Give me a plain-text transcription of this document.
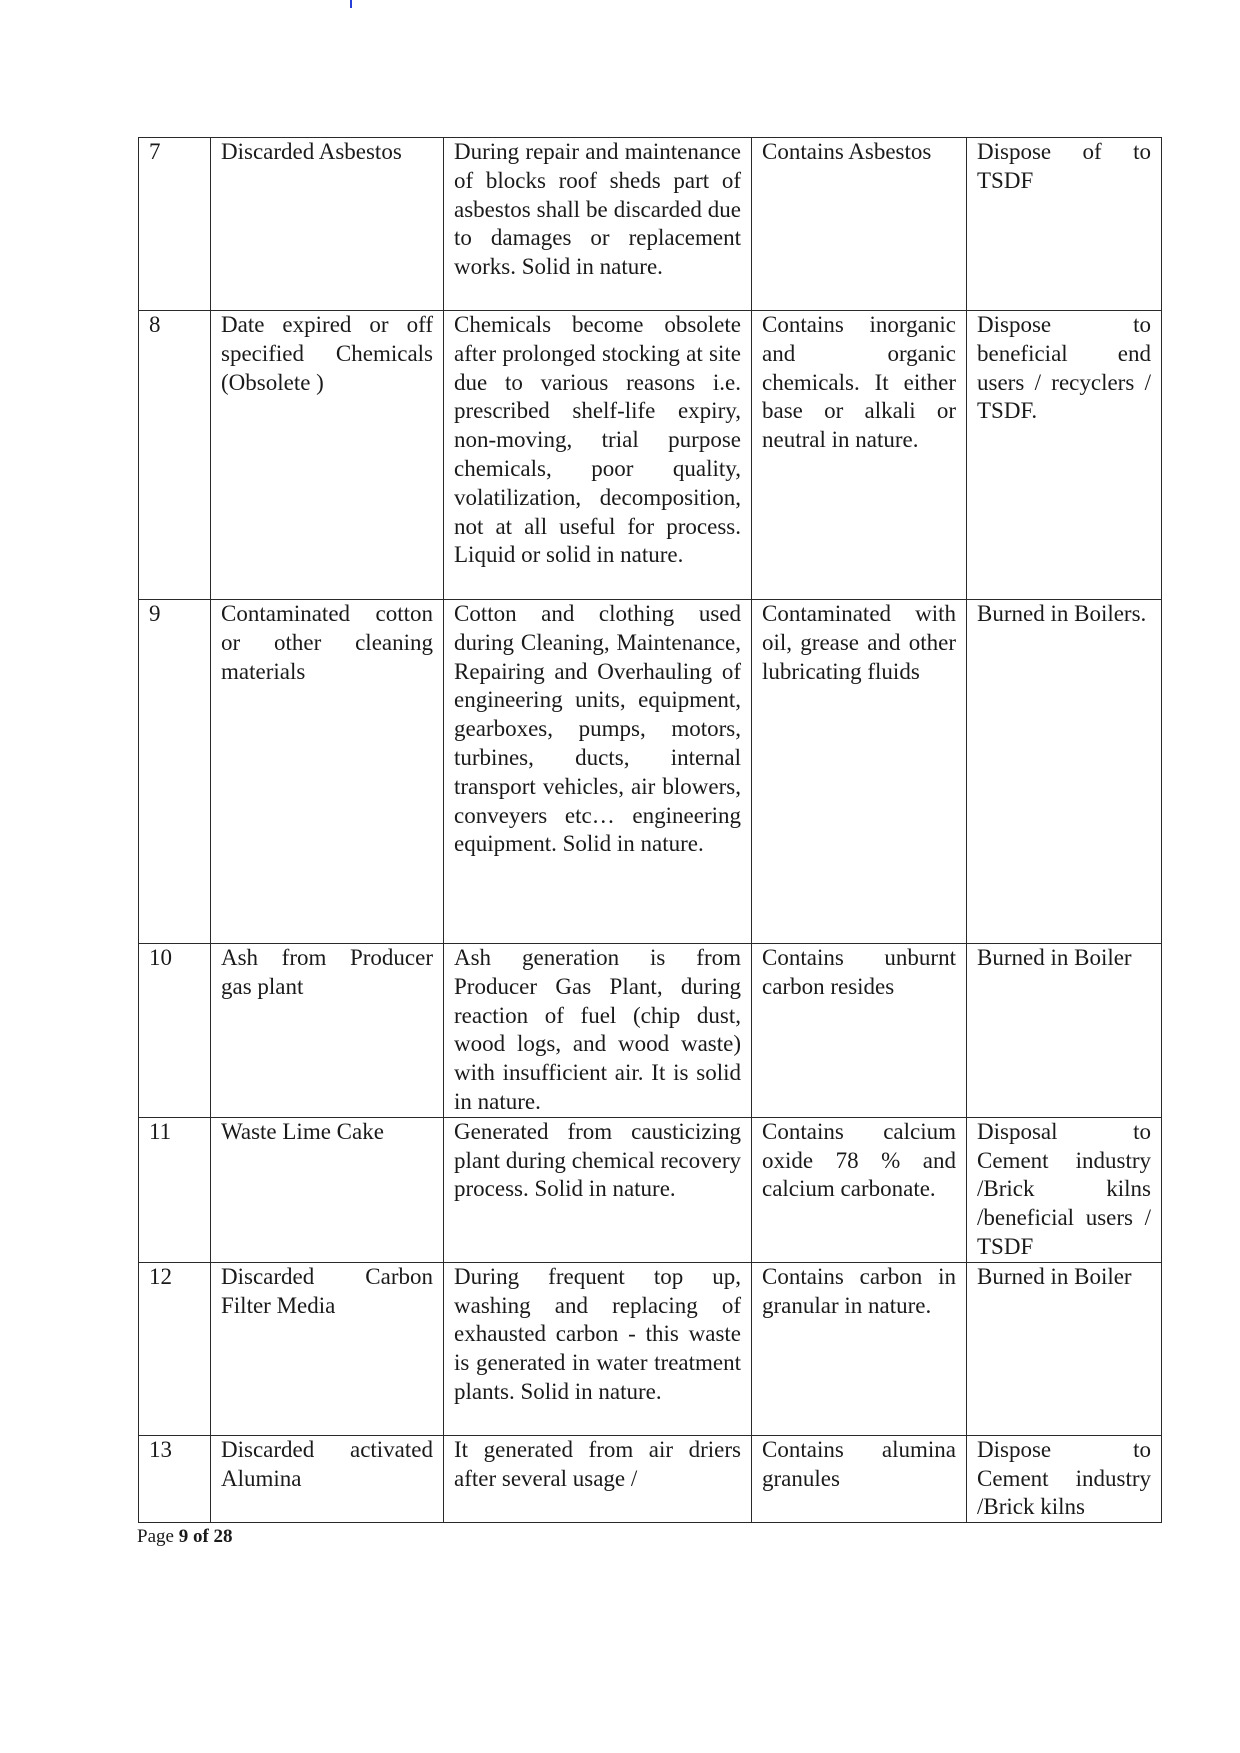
7	Discarded Asbestos	During repair and maintenance of blocks roof sheds part of asbestos shall be discarded due to damages or replacement works. Solid in nature.	Contains Asbestos	Dispose of to TSDF

8	Date expired or off specified Chemicals (Obsolete )	Chemicals become obsolete after prolonged stocking at site due to various reasons i.e. prescribed shelf-life expiry, non-moving, trial purpose chemicals, poor quality, volatilization, decomposition, not at all useful for process. Liquid or solid in nature.	Contains inorganic and organic chemicals. It either base or alkali or neutral in nature.	Dispose to beneficial end users / recyclers / TSDF.

9	Contaminated cotton or other cleaning materials	Cotton and clothing used during Cleaning, Maintenance, Repairing and Overhauling of engineering units, equipment, gearboxes, pumps, motors, turbines, ducts, internal transport vehicles, air blowers, conveyers etc… engineering equipment. Solid in nature.	Contaminated with oil, grease and other lubricating fluids	Burned in Boilers.

10	Ash from Producer gas plant	Ash generation is from Producer Gas Plant, during reaction of fuel (chip dust, wood logs, and wood waste) with insufficient air. It is solid in nature.	Contains unburnt carbon resides	Burned in Boiler

11	Waste Lime Cake	Generated from causticizing plant during chemical recovery process. Solid in nature.	Contains calcium oxide 78 % and calcium carbonate.	Disposal to Cement industry /Brick kilns /beneficial users / TSDF

12	Discarded Carbon Filter Media	During frequent top up, washing and replacing of exhausted carbon - this waste is generated in water treatment plants. Solid in nature.	Contains carbon in granular in nature.	Burned in Boiler

13	Discarded activated Alumina	It generated from air driers after several usage /	Contains alumina granules	Dispose to Cement industry /Brick kilns
Page 9 of 28
